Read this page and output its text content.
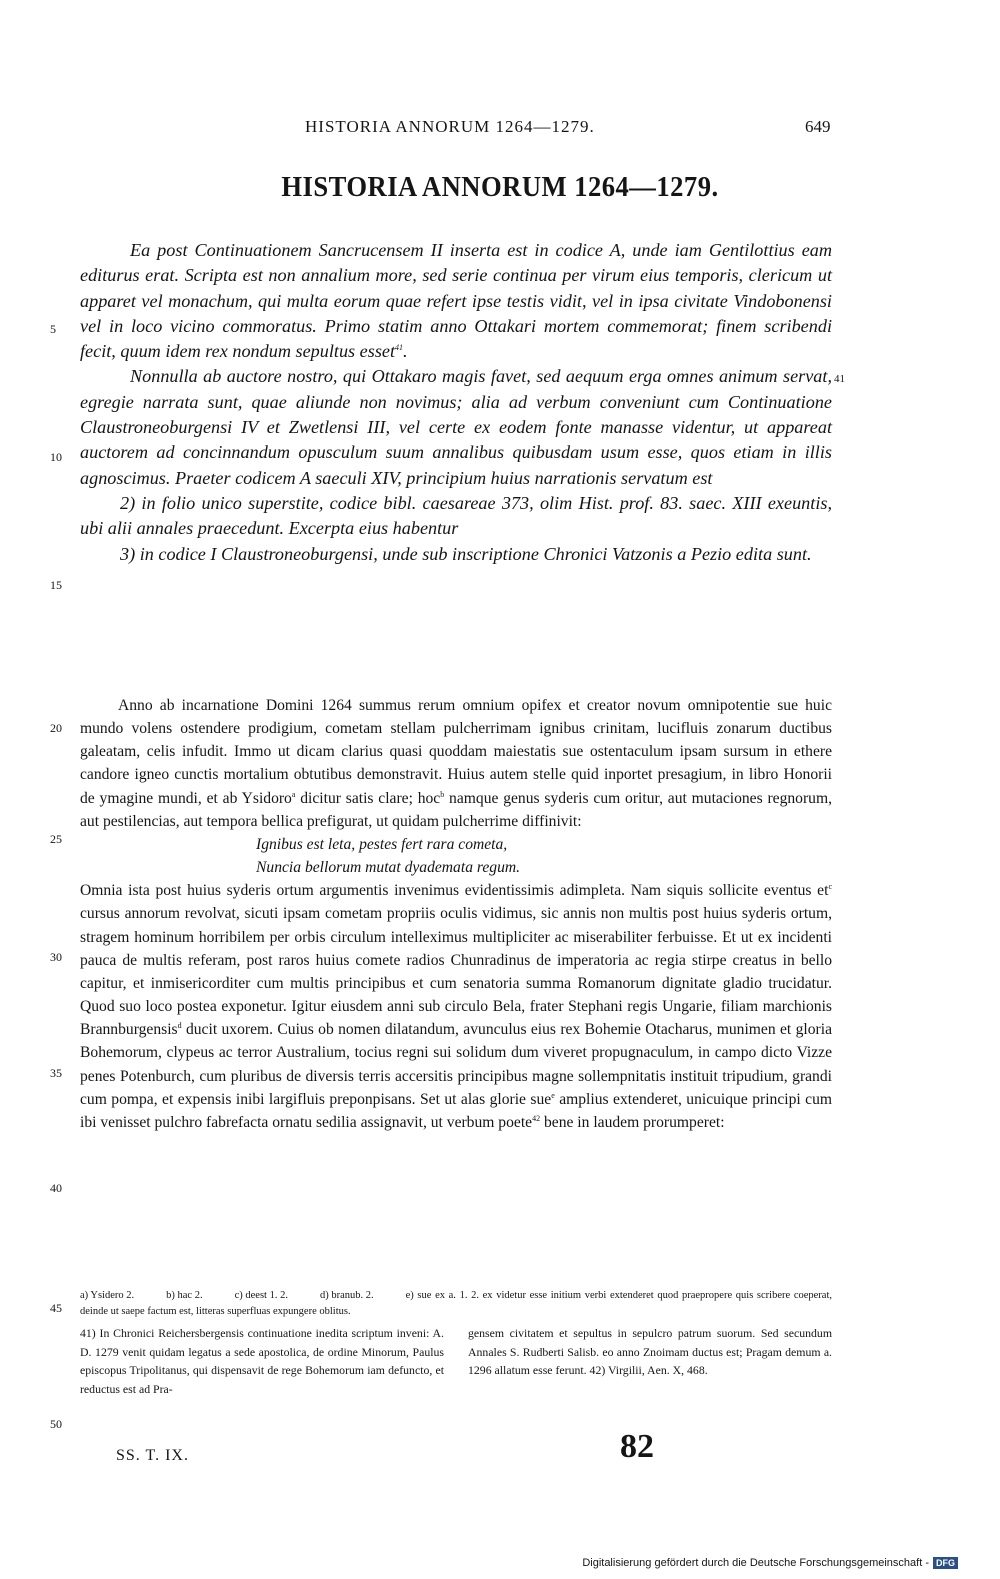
HISTORIA ANNORUM 1264—1279.	649
HISTORIA ANNORUM 1264—1279.

Ea post Continuationem Sancrucensem II inserta est in codice A, unde iam Gentilottius eam editurus erat. Scripta est non annalium more, sed serie continua per virum eius temporis, clericum ut apparet vel monachum, qui multa eorum quae refert ipse testis vidit, vel in ipsa civitate Vindobonensi vel in loco vicino commoratus. Primo statim anno Ottakari mortem commemorat; finem scribendi fecit, quum idem rex nondum sepultus esset$^{41}$.

Nonnulla ab auctore nostro, qui Ottakaro magis favet, sed aequum erga omnes animum servat, egregie narrata sunt, quae aliunde non novimus; alia ad verbum conveniunt cum Continuatione Claustroneoburgensi IV et Zwetlensi III, vel certe ex eodem fonte manasse videntur, ut appareat auctorem ad concinnandum opusculum suum annalibus quibusdam usum esse, quos etiam in illis agnoscimus. Praeter codicem A saeculi XIV, principium huius narrationis servatum est

2) in folio unico superstite, codice bibl. caesareae 373, olim Hist. prof. 83. saec. XIII exeuntis, ubi alii annales praecedunt. Excerpta eius habentur

3) in codice I Claustroneoburgensi, unde sub inscriptione Chronici Vatzonis a Pezio edita sunt.

41

Anno ab incarnatione Domini 1264 summus rerum omnium opifex et creator novum omnipotentie sue huic mundo volens ostendere prodigium, cometam stellam pulcherrimam ignibus crinitam, lucifluis zonarum ductibus galeatam, celis infudit. Immo ut dicam clarius quasi quoddam maiestatis sue ostentaculum ipsam sursum in ethere candore igneo cunctis mortalium obtutibus demonstravit. Huius autem stelle quid inportet presagium, in libro Honorii de ymagine mundi, et ab Ysidoro$^a$ dicitur satis clare; hoc$^b$ namque genus syderis cum oritur, aut mutaciones regnorum, aut pestilencias, aut tempora bellica prefigurat, ut quidam pulcherrime diffinivit:

Ignibus est leta, pestes fert rara cometa,

Nuncia bellorum mutat dyademata regum.

Omnia ista post huius syderis ortum argumentis invenimus evidentissimis adimpleta. Nam siquis sollicite eventus $et^c$ cursus annorum revolvat, sicuti ipsam cometam propriis oculis vidimus, sic annis non multis post huius syderis ortum, stragem hominum horribilem per orbis circulum intelleximus multipliciter ac miserabiliter ferbuisse. Et ut ex incidenti pauca de multis referam, post raros huius comete radios Chunradinus de imperatoria ac regia stirpe creatus in bello capitur, et inmisericorditer cum multis principibus et cum senatoria summa Romanorum dignitate gladio trucidatur. Quod suo loco postea exponetur. Igitur eiusdem anni sub circulo Bela, frater Stephani regis Ungarie, filiam marchionis Brannburgensis$^d$ ducit uxorem. Cuius ob nomen dilatandum, avunculus eius rex Bohemie Otacharus, munimen et gloria Bohemorum, clypeus ac terror Australium, tocius regni sui solidum dum viveret propugnaculum, in campo dicto Vizze penes Potenburch, cum pluribus de diversis terris accersitis principibus magne sollempnitatis instituit tripudium, grandi cum pompa, et expensis inibi largifluis preponpisans. Set ut alas glorie sue$^e$ amplius extenderet, unicuique principi cum ibi venisset pulchro fabrefacta ornatu sedilia assignavit, ut verbum poete$^{42}$ bene in laudem prorumperet:

a) Ysidero 2.	b) hac 2.	c) deest 1. 2.	d) branub. 2.	e) sue ex a. 1. 2. ex videtur esse initium verbi extenderet quod praepropere quis scribere coeperat, deinde ut saepe factum est, litteras superfluas expungere oblitus.
41) In Chronici Reichersbergensis continuatione inedita scriptum inveni: A. D. 1279 venit quidam legatus a sede apostolica, de ordine Minorum, Paulus episcopus Tripolitanus, qui dispensavit de rege Bohemorum iam defuncto, et reductus est ad Pra-
gensem civitatem et sepultus in sepulcro patrum suorum. Sed secundum Annales S. Rudberti Salisb. eo anno Znoimam ductus est; Pragam demum a. 1296 allatum esse ferunt. 42) Virgilii, Aen. X, 468.
5
10
15
20
25
30
35
40
45
50
SS. T. IX.	82
Digitalisierung gefördert durch die Deutsche Forschungsgemeinschaft - DFG
